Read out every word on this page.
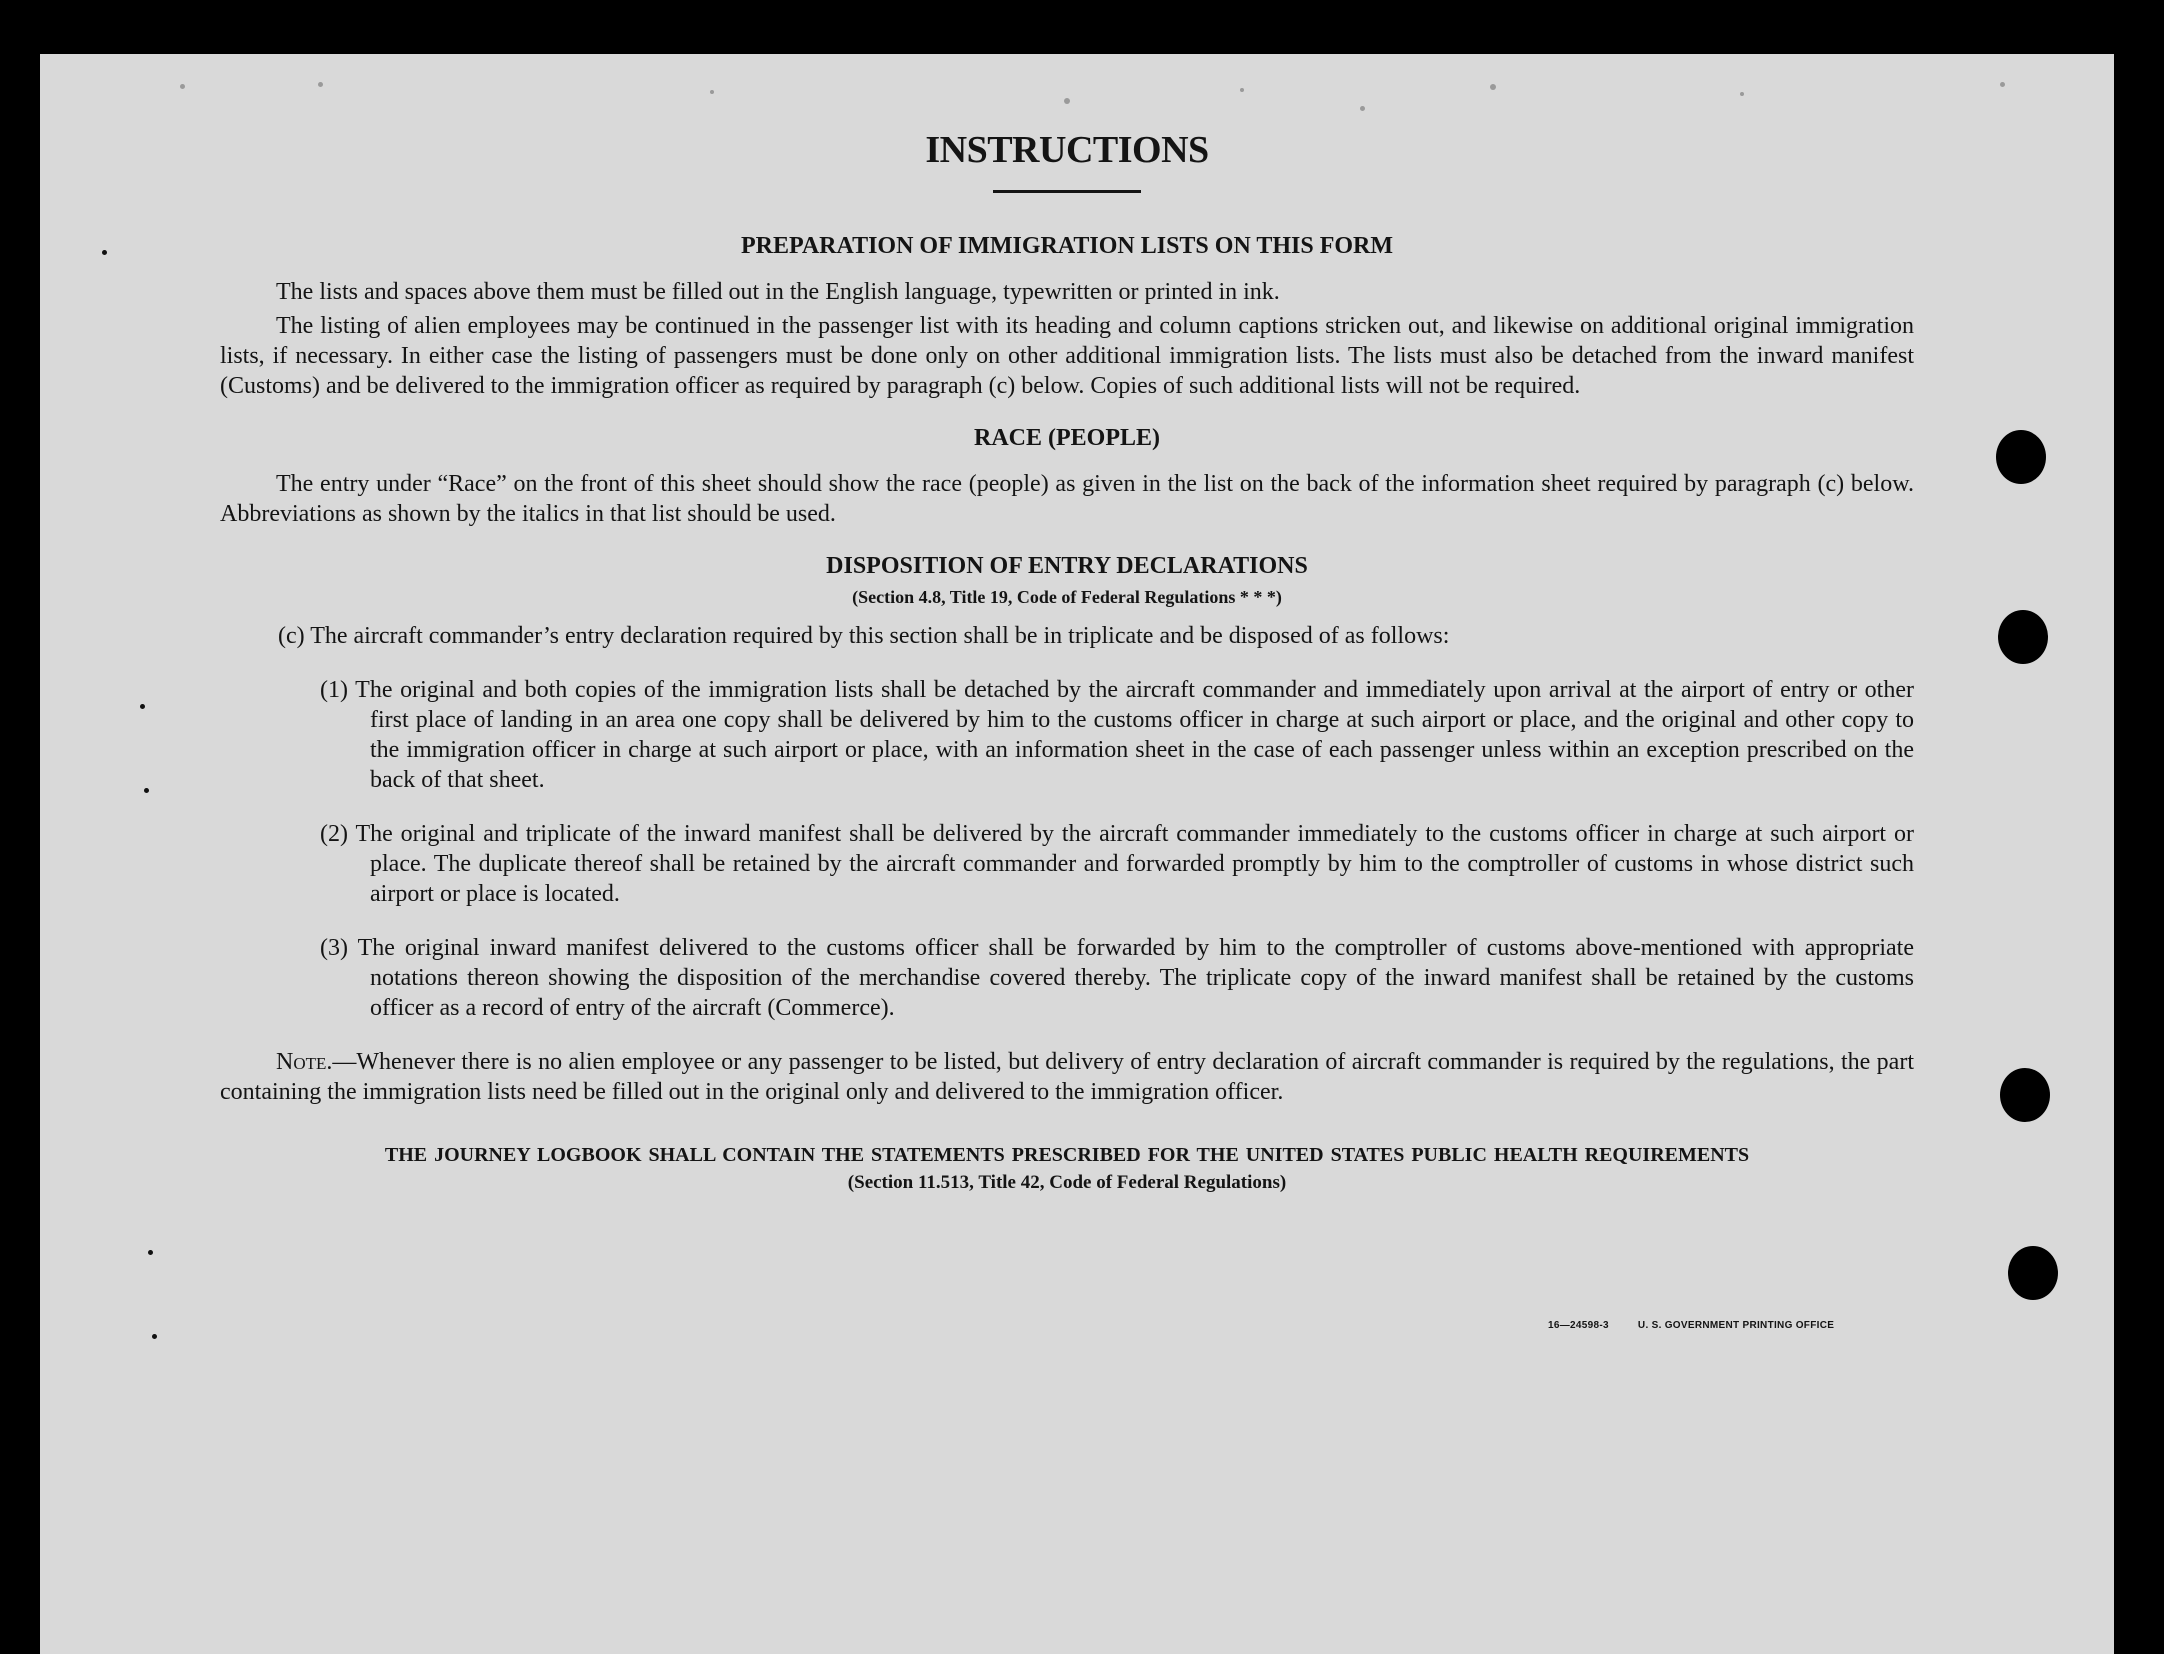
INSTRUCTIONS
PREPARATION OF IMMIGRATION LISTS ON THIS FORM

The lists and spaces above them must be filled out in the English language, typewritten or printed in ink.

The listing of alien employees may be continued in the passenger list with its heading and column captions stricken out, and likewise on additional original immigration lists, if necessary. In either case the listing of passengers must be done only on other additional immigration lists. The lists must also be detached from the inward manifest (Customs) and be delivered to the immigration officer as required by paragraph (c) below. Copies of such additional lists will not be required.

RACE (PEOPLE)

The entry under “Race” on the front of this sheet should show the race (people) as given in the list on the back of the information sheet required by paragraph (c) below. Abbreviations as shown by the italics in that list should be used.

DISPOSITION OF ENTRY DECLARATIONS
(Section 4.8, Title 19, Code of Federal Regulations * * *)

(c) The aircraft commander’s entry declaration required by this section shall be in triplicate and be disposed of as follows:

(1) The original and both copies of the immigration lists shall be detached by the aircraft commander and immediately upon arrival at the airport of entry or other first place of landing in an area one copy shall be delivered by him to the customs officer in charge at such airport or place, and the original and other copy to the immigration officer in charge at such airport or place, with an information sheet in the case of each passenger unless within an exception prescribed on the back of that sheet.

(2) The original and triplicate of the inward manifest shall be delivered by the aircraft commander immediately to the customs officer in charge at such airport or place. The duplicate thereof shall be retained by the aircraft commander and forwarded promptly by him to the comptroller of customs in whose district such airport or place is located.

(3) The original inward manifest delivered to the customs officer shall be forwarded by him to the comptroller of customs above-mentioned with appropriate notations thereon showing the disposition of the merchandise covered thereby. The triplicate copy of the inward manifest shall be retained by the customs officer as a record of entry of the aircraft (Commerce).

Note.—Whenever there is no alien employee or any passenger to be listed, but delivery of entry declaration of aircraft commander is required by the regulations, the part containing the immigration lists need be filled out in the original only and delivered to the immigration officer.

THE JOURNEY LOGBOOK SHALL CONTAIN THE STATEMENTS PRESCRIBED FOR THE UNITED STATES PUBLIC HEALTH REQUIREMENTS
(Section 11.513, Title 42, Code of Federal Regulations)
16—24598-3	U. S. GOVERNMENT PRINTING OFFICE
